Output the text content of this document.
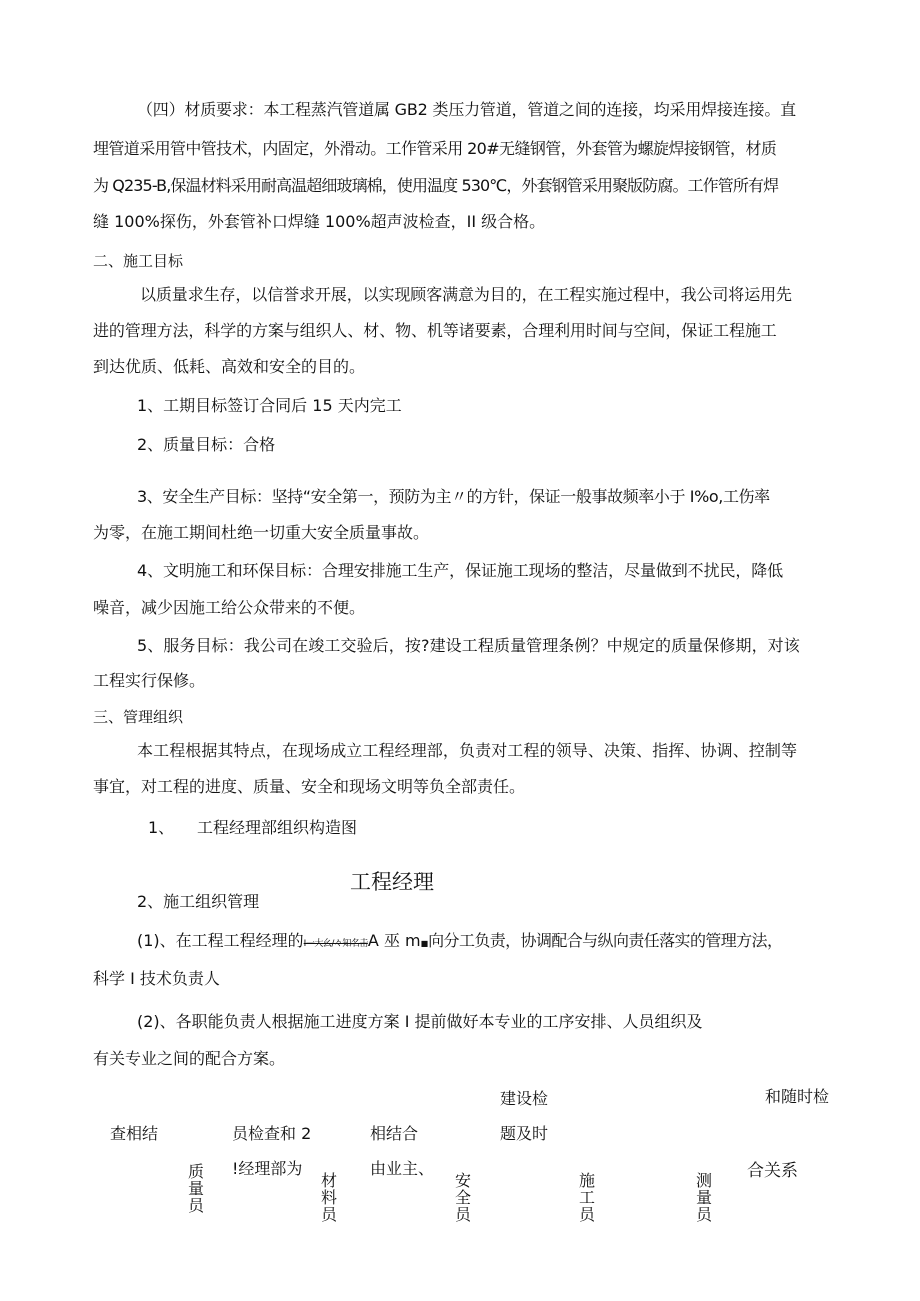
（四）材质要求：本工程蒸汽管道属 GB2 类压力管道，管道之间的连接，均采用焊接连接。直
埋管道采用管中管技术，内固定，外滑动。工作管采用 20#无缝钢管，外套管为螺旋焊接钢管，材质
为 Q235-B,保温材料采用耐高温超细玻璃棉，使用温度 530℃，外套钢管采用聚版防腐。工作管所有焊
缝 100%探伤，外套管补口焊缝 100%超声波检查，II 级合格。
二、施工目标
以质量求生存，以信誉求开展，以实现顾客满意为目的，在工程实施过程中，我公司将运用先
进的管理方法，科学的方案与组织人、材、物、机等诸要素，合理利用时间与空间，保证工程施工
到达优质、低耗、高效和安全的目的。
1、工期目标签订合同后 15 天内完工
2、质量目标：合格
3、安全生产目标：坚持“安全第一，预防为主〃的方针，保证一般事故频率小于 I%o,工伤率
为零，在施工期间杜绝一切重大安全质量事故。
4、文明施工和环保目标：合理安排施工生产，保证施工现场的整洁，尽量做到不扰民，降低
噪音，减少因施工给公众带来的不便。
5、服务目标：我公司在竣工交验后，按?建设工程质量管理条例？中规定的质量保修期，对该
工程实行保修。
三、管理组织
本工程根据其特点，在现场成立工程经理部，负责对工程的领导、决策、指挥、协调、控制等
事宜，对工程的进度、质量、安全和现场文明等负全部责任。
1、 工程经理部组织构造图
工程经理
2、施工组织管理
(1)、在工程工程经理的I一大幺/々知名击A 巫 m■向分工负责，协调配合与纵向责任落实的管理方法，
科学 I 技术负责人
(2)、各职能负责人根据施工进度方案 I 提前做好本专业的工序安排、人员组织及
有关专业之间的配合方案。
建设检	和随时检
查相结	员检查和 2	相结合	题及时
!经理部为	由业主、	合关系
质量员
材料员
安全员
施工员
测量员
